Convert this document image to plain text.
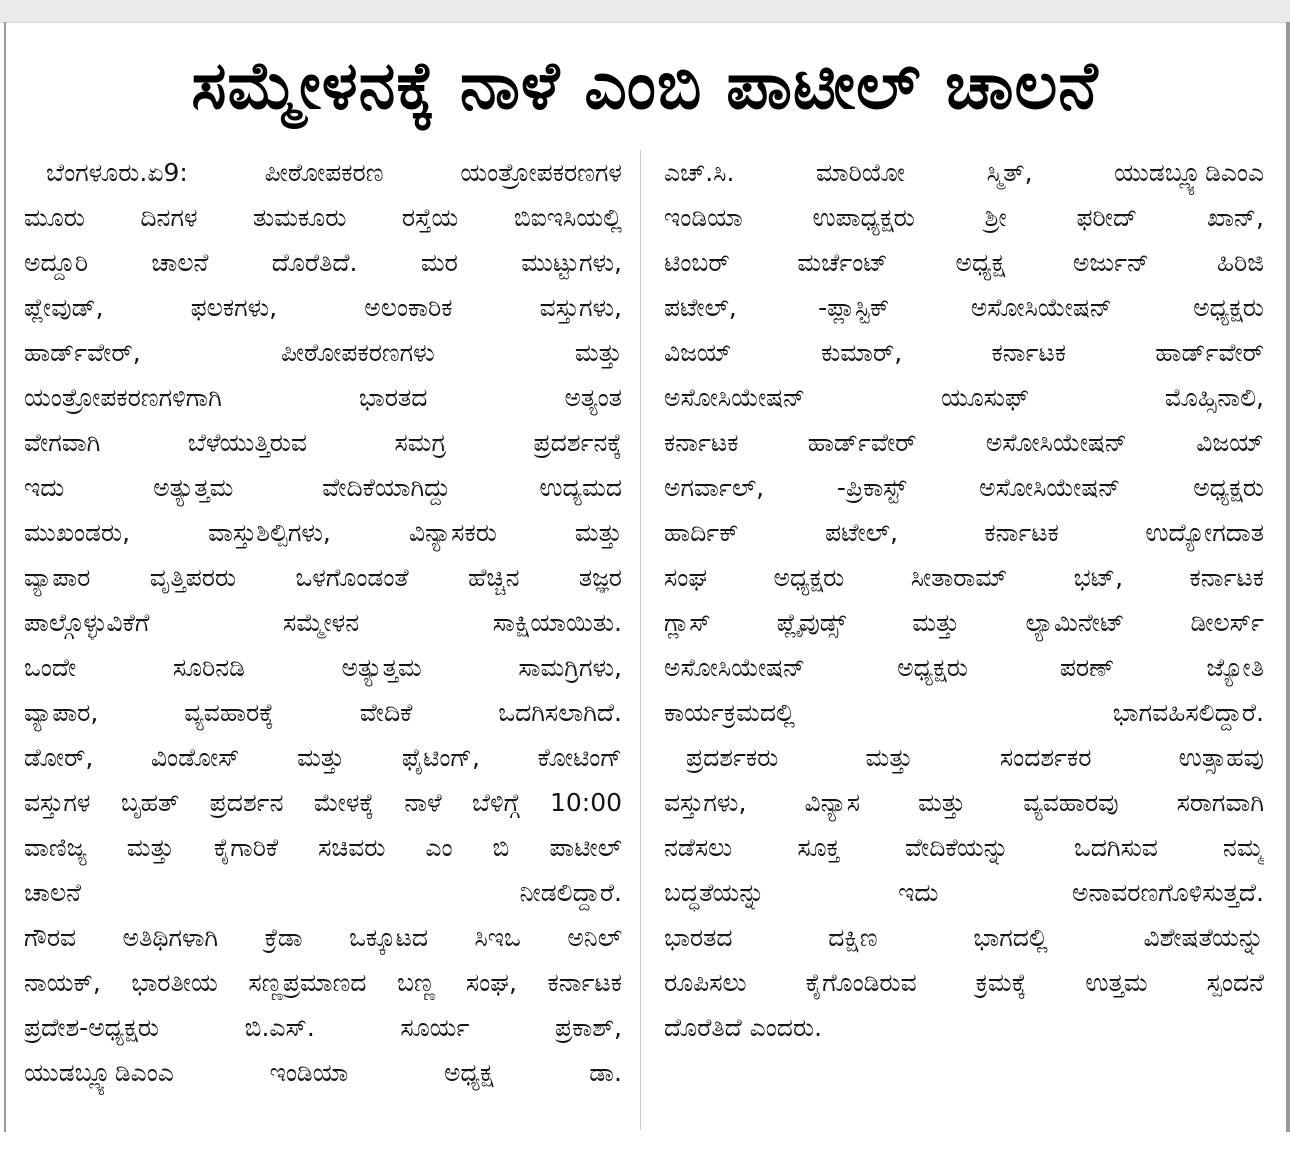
ಸಮ್ಮೇಳನಕ್ಕೆ ನಾಳೆ ಎಂಬಿ ಪಾಟೀಲ್ ಚಾಲನೆ
ಬೆಂಗಳೂರು.ಏ9: ಪೀಠೋಪಕರಣ ಯಂತ್ರೋಪಕರಣಗಳ
ಮೂರು ದಿನಗಳ ತುಮಕೂರು ರಸ್ತೆಯ ಬಿಐಇಸಿಯಲ್ಲಿ
ಅದ್ದೂರಿ ಚಾಲನೆ ದೊರೆತಿದೆ. ಮರ ಮುಟ್ಟುಗಳು,
ಪ್ಲೇವುಡ್, ಫಲಕಗಳು, ಅಲಂಕಾರಿಕ ವಸ್ತುಗಳು,
ಹಾರ್ಡ್‌ವೇರ್, ಪೀಠೋಪಕರಣಗಳು ಮತ್ತು
ಯಂತ್ರೋಪಕರಣಗಳಿಗಾಗಿ ಭಾರತದ ಅತ್ಯಂತ
ವೇಗವಾಗಿ ಬೆಳೆಯುತ್ತಿರುವ ಸಮಗ್ರ ಪ್ರದರ್ಶನಕ್ಕೆ
ಇದು ಅತ್ಯುತ್ತಮ ವೇದಿಕೆಯಾಗಿದ್ದು ಉದ್ಯಮದ
ಮುಖಂಡರು, ವಾಸ್ತುಶಿಲ್ಪಿಗಳು, ವಿನ್ಯಾಸಕರು ಮತ್ತು
ವ್ಯಾಪಾರ ವೃತ್ತಿಪರರು ಒಳಗೊಂಡಂತೆ ಹೆಚ್ಚಿನ ತಜ್ಞರ
ಪಾಲ್ಗೊಳ್ಳುವಿಕೆಗೆ ಸಮ್ಮೇಳನ ಸಾಕ್ಷಿಯಾಯಿತು.
ಒಂದೇ ಸೂರಿನಡಿ ಅತ್ಯುತ್ತಮ ಸಾಮಗ್ರಿಗಳು,
ವ್ಯಾಪಾರ, ವ್ಯವಹಾರಕ್ಕೆ ವೇದಿಕೆ ಒದಗಿಸಲಾಗಿದೆ.
ಡೋರ್, ವಿಂಡೋಸ್ ಮತ್ತು ಫೈಟಿಂಗ್, ಕೋಟಿಂಗ್
ವಸ್ತುಗಳ ಬೃಹತ್ ಪ್ರದರ್ಶನ ಮೇಳಕ್ಕೆ ನಾಳೆ ಬೆಳಿಗ್ಗೆ 10:00
ವಾಣಿಜ್ಯ ಮತ್ತು ಕೈಗಾರಿಕೆ ಸಚಿವರು ಎಂ ಬಿ ಪಾಟೀಲ್
ಚಾಲನೆ ನೀಡಲಿದ್ದಾರೆ.
ಗೌರವ ಅತಿಥಿಗಳಾಗಿ ಕ್ರೆಡಾ ಒಕ್ಕೂಟದ ಸಿಇಒ ಅನಿಲ್
ನಾಯಕ್, ಭಾರತೀಯ ಸಣ್ಣಪ್ರಮಾಣದ ಬಣ್ಣ ಸಂಘ, ಕರ್ನಾಟಕ
ಪ್ರದೇಶ-ಅಧ್ಯಕ್ಷರು ಬಿ.ಎಸ್. ಸೂರ್ಯ ಪ್ರಕಾಶ್,
ಯುಡಬ್ಲ್ಯೂಡಿಎಂಎ ಇಂಡಿಯಾ ಅಧ್ಯಕ್ಷ ಡಾ.
ಎಚ್.ಸಿ. ಮಾರಿಯೋ ಸ್ಮಿತ್, ಯುಡಬ್ಲ್ಯೂಡಿಎಂಎ
ಇಂಡಿಯಾ ಉಪಾಧ್ಯಕ್ಷರು ಶ್ರೀ ಫರೀದ್ ಖಾನ್,
ಟಿಂಬರ್ ಮರ್ಚೆಂಟ್ ಅಧ್ಯಕ್ಷ ಅರ್ಜುನ್ ಹಿರಿಜಿ
ಪಟೇಲ್, -ಪ್ಲಾಸ್ಟಿಕ್ ಅಸೋಸಿಯೇಷನ್ ಅಧ್ಯಕ್ಷರು
ವಿಜಯ್ ಕುಮಾರ್, ಕರ್ನಾಟಕ ಹಾರ್ಡ್‌ವೇರ್
ಅಸೋಸಿಯೇಷನ್ ಯೂಸುಫ್ ಮೊಹ್ಸಿನಾಲಿ,
ಕರ್ನಾಟಕ ಹಾರ್ಡ್‌ವೇರ್ ಅಸೋಸಿಯೇಷನ್ ವಿಜಯ್
ಅಗರ್ವಾಲ್, -ಪ್ರಿಕಾಸ್ಟ್ ಅಸೋಸಿಯೇಷನ್ ಅಧ್ಯಕ್ಷರು
ಹಾರ್ದಿಕ್ ಪಟೇಲ್, ಕರ್ನಾಟಕ ಉದ್ಯೋಗದಾತ
ಸಂಘ ಅಧ್ಯಕ್ಷರು ಸೀತಾರಾಮ್ ಭಟ್, ಕರ್ನಾಟಕ
ಗ್ಲಾಸ್ ಪ್ಲೈವುಡ್ಸ್ ಮತ್ತು ಲ್ಯಾಮಿನೇಟ್ ಡೀಲರ್ಸ್
ಅಸೋಸಿಯೇಷನ್ ಅಧ್ಯಕ್ಷರು ಪರಣ್ ಜ್ಯೋತಿ
ಕಾರ್ಯಕ್ರಮದಲ್ಲಿ ಭಾಗವಹಿಸಲಿದ್ದಾರೆ.
ಪ್ರದರ್ಶಕರು ಮತ್ತು ಸಂದರ್ಶಕರ ಉತ್ಸಾಹವು
ವಸ್ತುಗಳು, ವಿನ್ಯಾಸ ಮತ್ತು ವ್ಯವಹಾರವು ಸರಾಗವಾಗಿ
ನಡೆಸಲು ಸೂಕ್ತ ವೇದಿಕೆಯನ್ನು ಒದಗಿಸುವ ನಮ್ಮ
ಬದ್ಧತೆಯನ್ನು ಇದು ಅನಾವರಣಗೊಳಿಸುತ್ತದೆ.
ಭಾರತದ ದಕ್ಷಿಣ ಭಾಗದಲ್ಲಿ ವಿಶೇಷತೆಯನ್ನು
ರೂಪಿಸಲು ಕೈಗೊಂಡಿರುವ ಕ್ರಮಕ್ಕೆ ಉತ್ತಮ ಸ್ಪಂದನೆ
ದೊರೆತಿದೆ ಎಂದರು.
